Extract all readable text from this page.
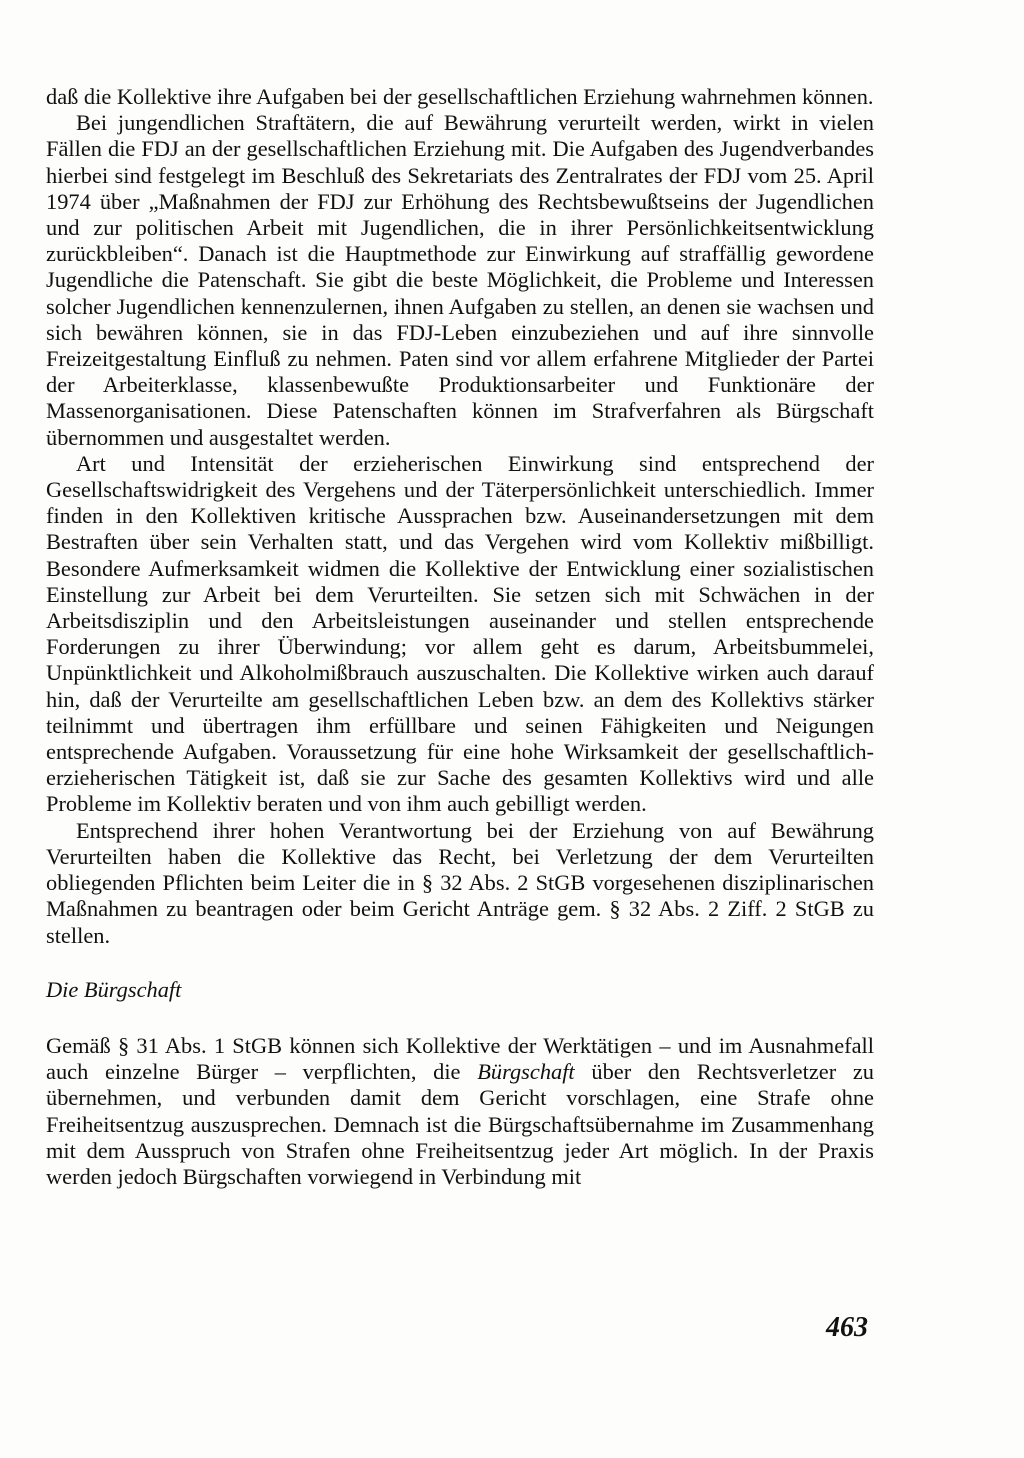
daß die Kollektive ihre Aufgaben bei der gesellschaftlichen Erziehung wahrnehmen können.

Bei jungendlichen Straftätern, die auf Bewährung verurteilt werden, wirkt in vielen Fällen die FDJ an der gesellschaftlichen Erziehung mit. Die Aufgaben des Jugendverbandes hierbei sind festgelegt im Beschluß des Sekretariats des Zentralrates der FDJ vom 25. April 1974 über „Maßnahmen der FDJ zur Erhöhung des Rechtsbewußtseins der Jugendlichen und zur politischen Arbeit mit Jugendlichen, die in ihrer Persönlichkeitsentwicklung zurückbleiben“. Danach ist die Hauptmethode zur Einwirkung auf straffällig gewordene Jugendliche die Patenschaft. Sie gibt die beste Möglichkeit, die Probleme und Interessen solcher Jugendlichen kennenzulernen, ihnen Aufgaben zu stellen, an denen sie wachsen und sich bewähren können, sie in das FDJ-Leben einzubeziehen und auf ihre sinnvolle Freizeitgestaltung Einfluß zu nehmen. Paten sind vor allem erfahrene Mitglieder der Partei der Arbeiterklasse, klassenbewußte Produktionsarbeiter und Funktionäre der Massenorganisationen. Diese Patenschaften können im Strafverfahren als Bürgschaft übernommen und ausgestaltet werden.

Art und Intensität der erzieherischen Einwirkung sind entsprechend der Gesellschaftswidrigkeit des Vergehens und der Täterpersönlichkeit unterschiedlich. Immer finden in den Kollektiven kritische Aussprachen bzw. Auseinandersetzungen mit dem Bestraften über sein Verhalten statt, und das Vergehen wird vom Kollektiv mißbilligt. Besondere Aufmerksamkeit widmen die Kollektive der Entwicklung einer sozialistischen Einstellung zur Arbeit bei dem Verurteilten. Sie setzen sich mit Schwächen in der Arbeitsdisziplin und den Arbeitsleistungen auseinander und stellen entsprechende Forderungen zu ihrer Überwindung; vor allem geht es darum, Arbeitsbummelei, Unpünktlichkeit und Alkoholmißbrauch auszuschalten. Die Kollektive wirken auch darauf hin, daß der Verurteilte am gesellschaftlichen Leben bzw. an dem des Kollektivs stärker teilnimmt und übertragen ihm erfüllbare und seinen Fähigkeiten und Neigungen entsprechende Aufgaben. Voraussetzung für eine hohe Wirksamkeit der gesellschaftlich-erzieherischen Tätigkeit ist, daß sie zur Sache des gesamten Kollektivs wird und alle Probleme im Kollektiv beraten und von ihm auch gebilligt werden.

Entsprechend ihrer hohen Verantwortung bei der Erziehung von auf Bewährung Verurteilten haben die Kollektive das Recht, bei Verletzung der dem Verurteilten obliegenden Pflichten beim Leiter die in § 32 Abs. 2 StGB vorgesehenen disziplinarischen Maßnahmen zu beantragen oder beim Gericht Anträge gem. § 32 Abs. 2 Ziff. 2 StGB zu stellen.

Die Bürgschaft

Gemäß § 31 Abs. 1 StGB können sich Kollektive der Werktätigen – und im Ausnahmefall auch einzelne Bürger – verpflichten, die Bürgschaft über den Rechtsverletzer zu übernehmen, und verbunden damit dem Gericht vorschlagen, eine Strafe ohne Freiheitsentzug auszusprechen. Demnach ist die Bürgschaftsübernahme im Zusammenhang mit dem Ausspruch von Strafen ohne Freiheitsentzug jeder Art möglich. In der Praxis werden jedoch Bürgschaften vorwiegend in Verbindung mit

463
